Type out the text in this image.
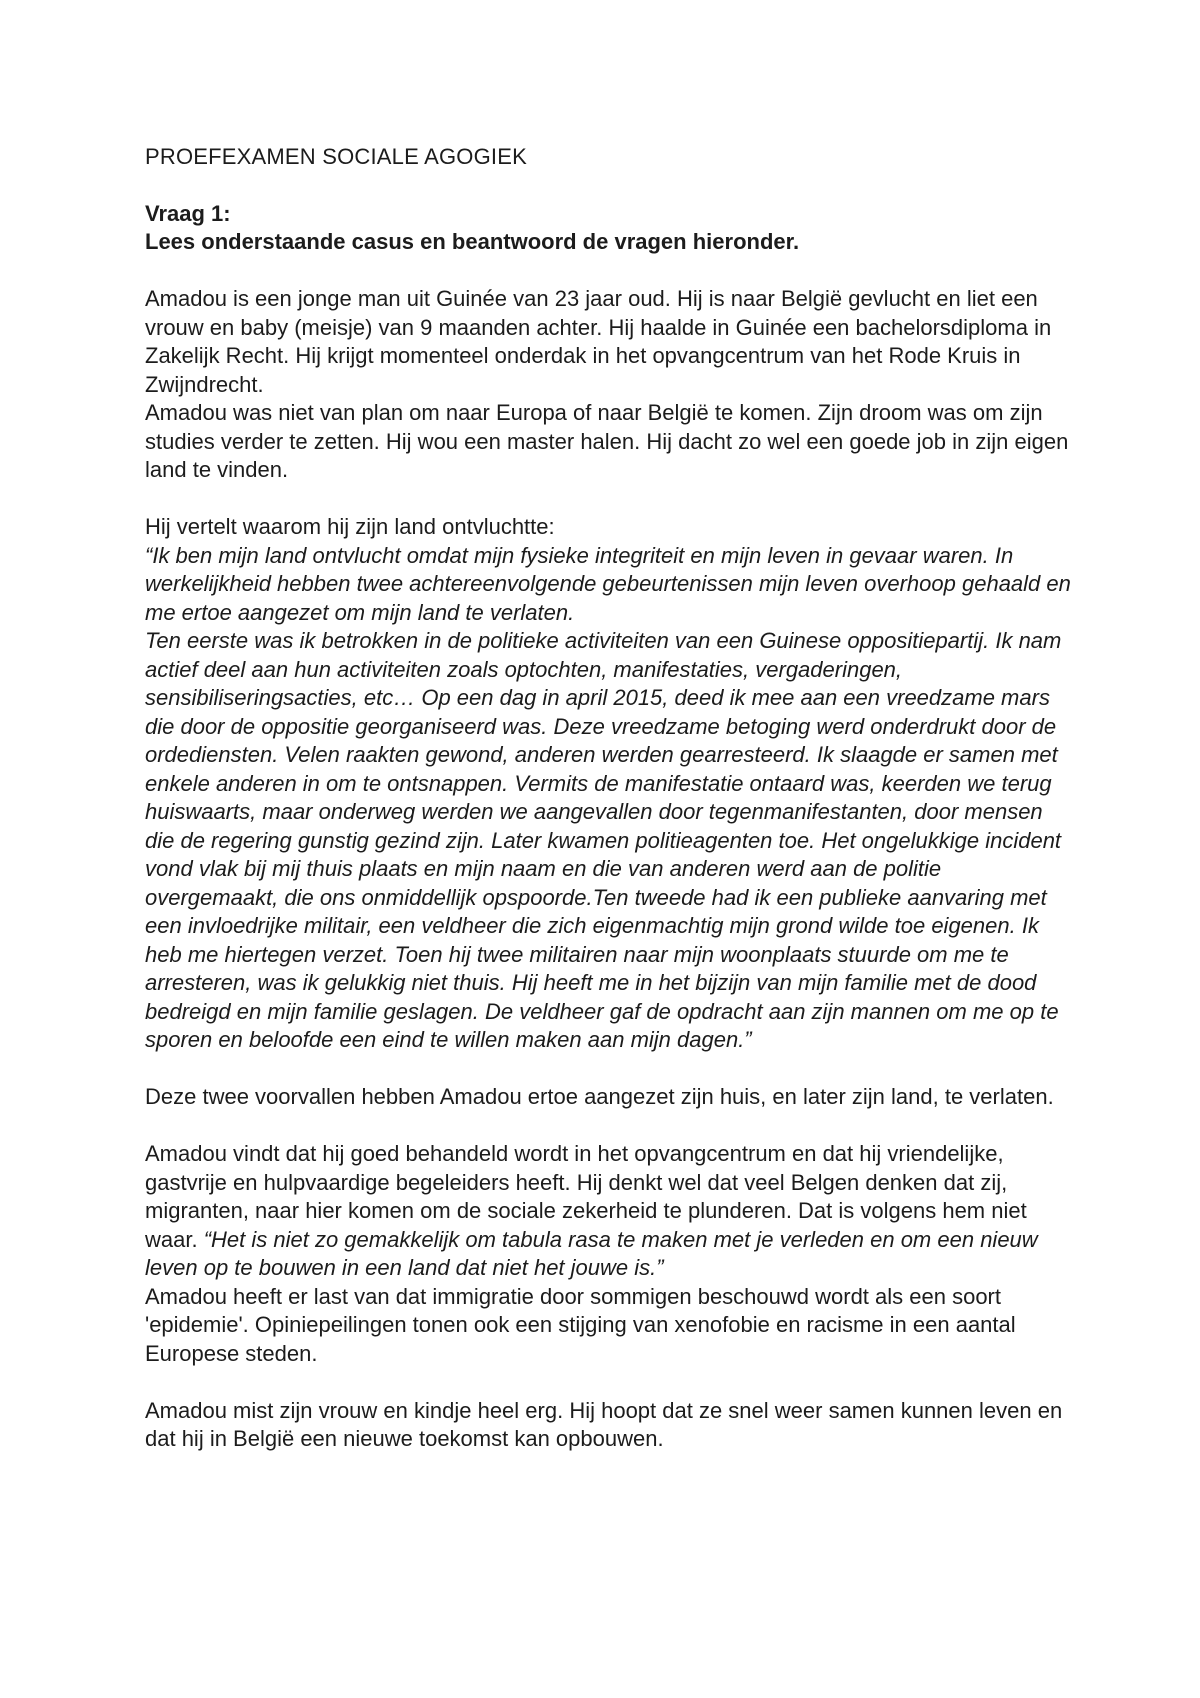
PROEFEXAMEN SOCIALE AGOGIEK

Vraag 1:

Lees onderstaande casus en beantwoord de vragen hieronder.

Amadou is een jonge man uit Guinée van 23 jaar oud. Hij is naar België gevlucht en liet een vrouw en baby (meisje) van 9 maanden achter. Hij haalde in Guinée een bachelorsdiploma in Zakelijk Recht. Hij krijgt momenteel onderdak in het opvangcentrum van het Rode Kruis in Zwijndrecht.

Amadou was niet van plan om naar Europa of naar België te komen. Zijn droom was om zijn studies verder te zetten. Hij wou een master halen. Hij dacht zo wel een goede job in zijn eigen land te vinden.

Hij vertelt waarom hij zijn land ontvluchtte:

“Ik ben mijn land ontvlucht omdat mijn fysieke integriteit en mijn leven in gevaar waren. In werkelijkheid hebben twee achtereenvolgende gebeurtenissen mijn leven overhoop gehaald en me ertoe aangezet om mijn land te verlaten.

Ten eerste was ik betrokken in de politieke activiteiten van een Guinese oppositiepartij. Ik nam actief deel aan hun activiteiten zoals optochten, manifestaties, vergaderingen, sensibiliseringsacties, etc… Op een dag in april 2015, deed ik mee aan een vreedzame mars die door de oppositie georganiseerd was. Deze vreedzame betoging werd onderdrukt door de ordediensten. Velen raakten gewond, anderen werden gearresteerd. Ik slaagde er samen met enkele anderen in om te ontsnappen. Vermits de manifestatie ontaard was, keerden we terug huiswaarts, maar onderweg werden we aangevallen door tegenmanifestanten, door mensen die de regering gunstig gezind zijn. Later kwamen politieagenten toe. Het ongelukkige incident vond vlak bij mij thuis plaats en mijn naam en die van anderen werd aan de politie overgemaakt, die ons onmiddellijk opspoorde.Ten tweede had ik een publieke aanvaring met een invloedrijke militair, een veldheer die zich eigenmachtig mijn grond wilde toe eigenen. Ik heb me hiertegen verzet. Toen hij twee militairen naar mijn woonplaats stuurde om me te arresteren, was ik gelukkig niet thuis. Hij heeft me in het bijzijn van mijn familie met de dood bedreigd en mijn familie geslagen. De veldheer gaf de opdracht aan zijn mannen om me op te sporen en beloofde een eind te willen maken aan mijn dagen.”

Deze twee voorvallen hebben Amadou ertoe aangezet zijn huis, en later zijn land, te verlaten.

Amadou vindt dat hij goed behandeld wordt in het opvangcentrum en dat hij vriendelijke, gastvrije en hulpvaardige begeleiders heeft. Hij denkt wel dat veel Belgen denken dat zij, migranten, naar hier komen om de sociale zekerheid te plunderen. Dat is volgens hem niet waar. “Het is niet zo gemakkelijk om tabula rasa te maken met je verleden en om een nieuw leven op te bouwen in een land dat niet het jouwe is.”

Amadou heeft er last van dat immigratie door sommigen beschouwd wordt als een soort 'epidemie'. Opiniepeilingen tonen ook een stijging van xenofobie en racisme in een aantal Europese steden.

Amadou mist zijn vrouw en kindje heel erg. Hij hoopt dat ze snel weer samen kunnen leven en dat hij in België een nieuwe toekomst kan opbouwen.
